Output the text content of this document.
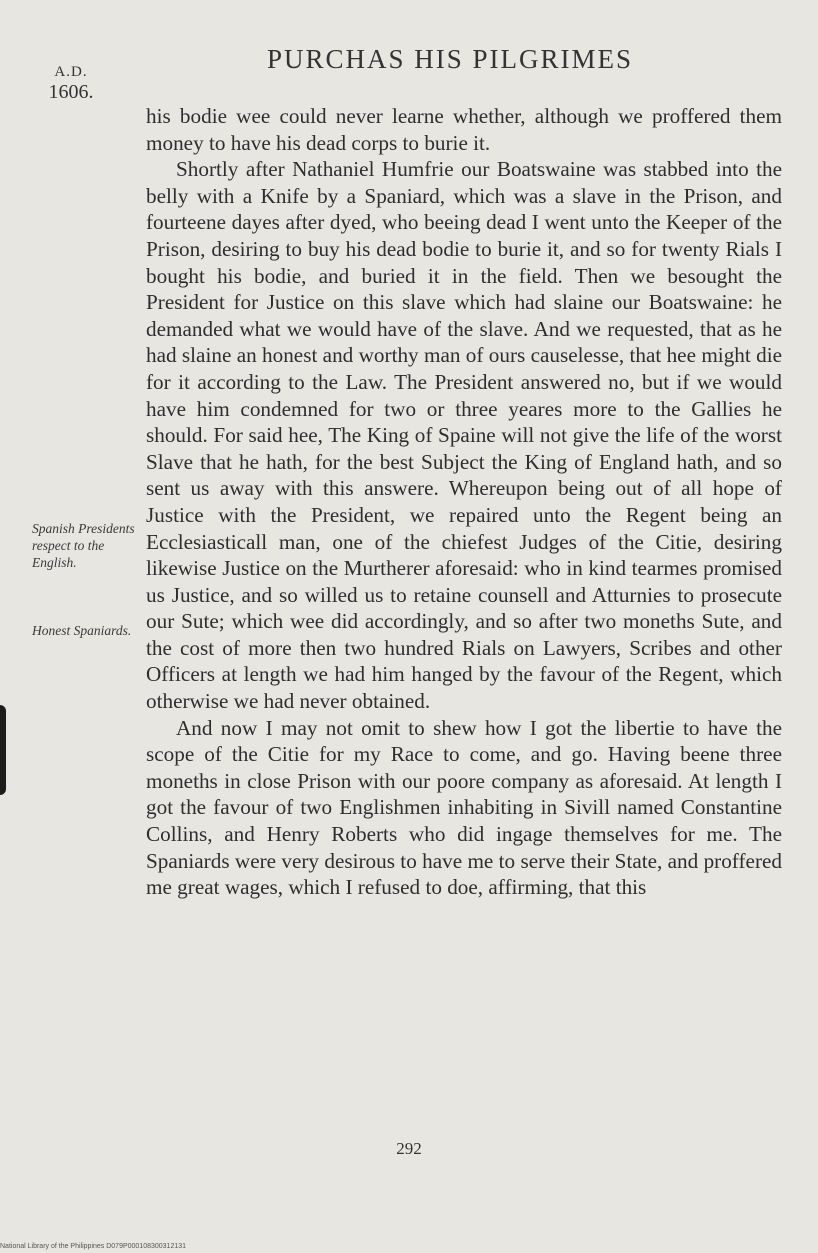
A.D.
1606.
PURCHAS HIS PILGRIMES
Spanish Presidents respect to the English.
Honest Spaniards.

his bodie wee could never learne whether, although we proffered them money to have his dead corps to burie it.

Shortly after Nathaniel Humfrie our Boatswaine was stabbed into the belly with a Knife by a Spaniard, which was a slave in the Prison, and fourteene dayes after dyed, who beeing dead I went unto the Keeper of the Prison, desiring to buy his dead bodie to burie it, and so for twenty Rials I bought his bodie, and buried it in the field. Then we besought the President for Justice on this slave which had slaine our Boatswaine: he demanded what we would have of the slave. And we requested, that as he had slaine an honest and worthy man of ours causelesse, that hee might die for it according to the Law. The President answered no, but if we would have him condemned for two or three yeares more to the Gallies he should. For said hee, The King of Spaine will not give the life of the worst Slave that he hath, for the best Subject the King of England hath, and so sent us away with this answere. Whereupon being out of all hope of Justice with the President, we repaired unto the Regent being an Ecclesiasticall man, one of the chiefest Judges of the Citie, desiring likewise Justice on the Murtherer aforesaid: who in kind tearmes promised us Justice, and so willed us to retaine counsell and Atturnies to prosecute our Sute; which wee did accordingly, and so after two moneths Sute, and the cost of more then two hundred Rials on Lawyers, Scribes and other Officers at length we had him hanged by the favour of the Regent, which otherwise we had never obtained.

And now I may not omit to shew how I got the libertie to have the scope of the Citie for my Race to come, and go. Having beene three moneths in close Prison with our poore company as aforesaid. At length I got the favour of two Englishmen inhabiting in Sivill named Constantine Collins, and Henry Roberts who did ingage themselves for me. The Spaniards were very desirous to have me to serve their State, and proffered me great wages, which I refused to doe, affirming, that this

292
National Library of the Philippines D079P000108300312131
